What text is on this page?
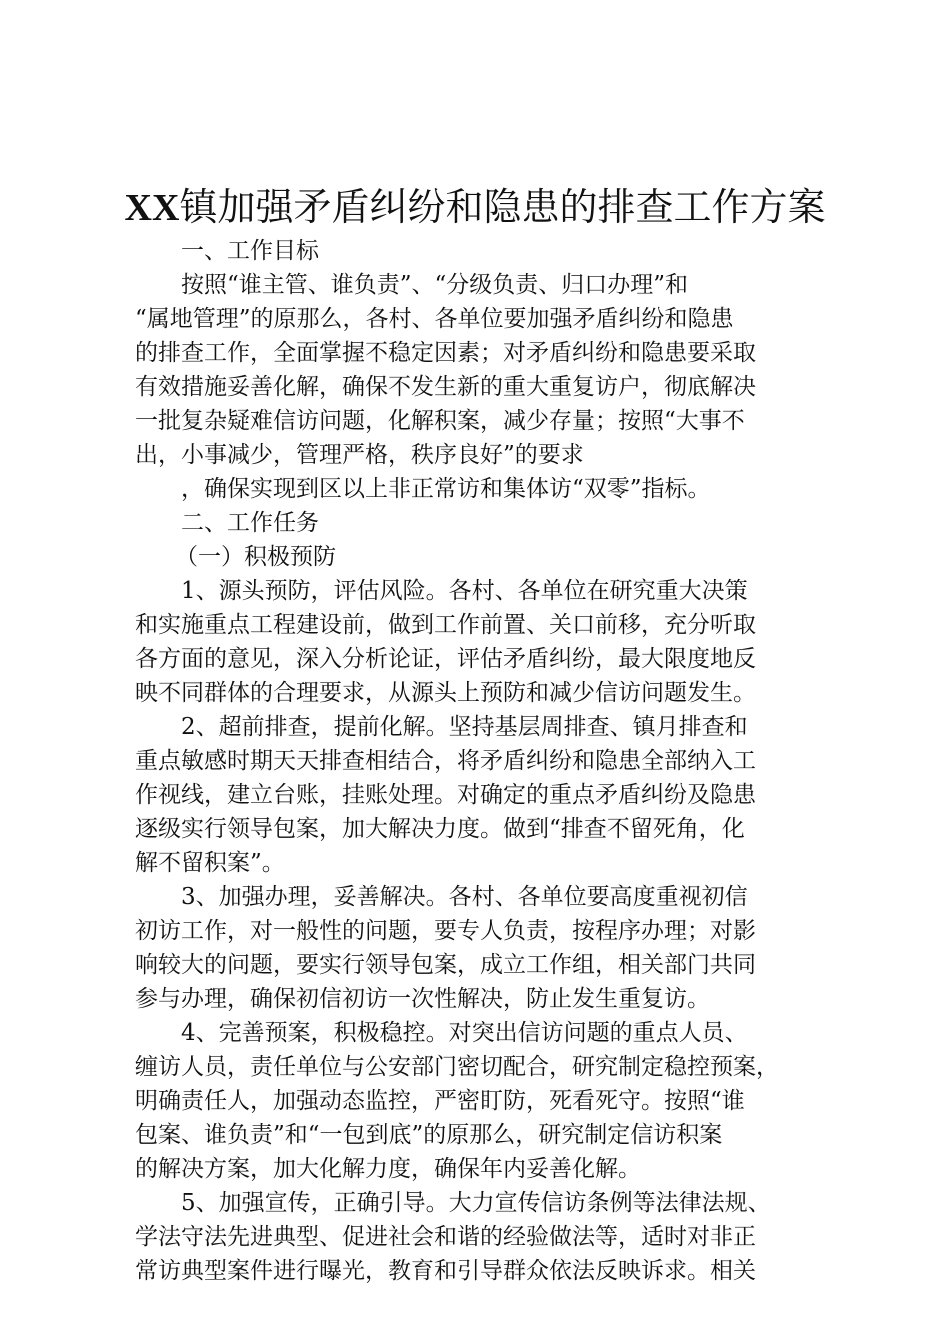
XX镇加强矛盾纠纷和隐患的排查工作方案
一、工作目标
按照“谁主管、谁负责”、“分级负责、归口办理”和
“属地管理”的原那么，各村、各单位要加强矛盾纠纷和隐患
的排查工作，全面掌握不稳定因素；对矛盾纠纷和隐患要采取
有效措施妥善化解，确保不发生新的重大重复访户，彻底解决
一批复杂疑难信访问题，化解积案，减少存量；按照“大事不
出，小事减少，管理严格，秩序良好”的要求
，确保实现到区以上非正常访和集体访“双零”指标。
二、工作任务
（一）积极预防
1、源头预防，评估风险。各村、各单位在研究重大决策
和实施重点工程建设前，做到工作前置、关口前移，充分听取
各方面的意见，深入分析论证，评估矛盾纠纷，最大限度地反
映不同群体的合理要求，从源头上预防和减少信访问题发生。
2、超前排查，提前化解。坚持基层周排查、镇月排查和
重点敏感时期天天排查相结合，将矛盾纠纷和隐患全部纳入工
作视线，建立台账，挂账处理。对确定的重点矛盾纠纷及隐患
逐级实行领导包案，加大解决力度。做到“排查不留死角，化
解不留积案”。
3、加强办理，妥善解决。各村、各单位要高度重视初信
初访工作，对一般性的问题，要专人负责，按程序办理；对影
响较大的问题，要实行领导包案，成立工作组，相关部门共同
参与办理，确保初信初访一次性解决，防止发生重复访。
4、完善预案，积极稳控。对突出信访问题的重点人员、
缠访人员，责任单位与公安部门密切配合，研究制定稳控预案，
明确责任人，加强动态监控，严密盯防，死看死守。按照“谁
包案、谁负责”和“一包到底”的原那么，研究制定信访积案
的解决方案，加大化解力度，确保年内妥善化解。
5、加强宣传，正确引导。大力宣传信访条例等法律法规、
学法守法先进典型、促进社会和谐的经验做法等，适时对非正
常访典型案件进行曝光，教育和引导群众依法反映诉求。相关
